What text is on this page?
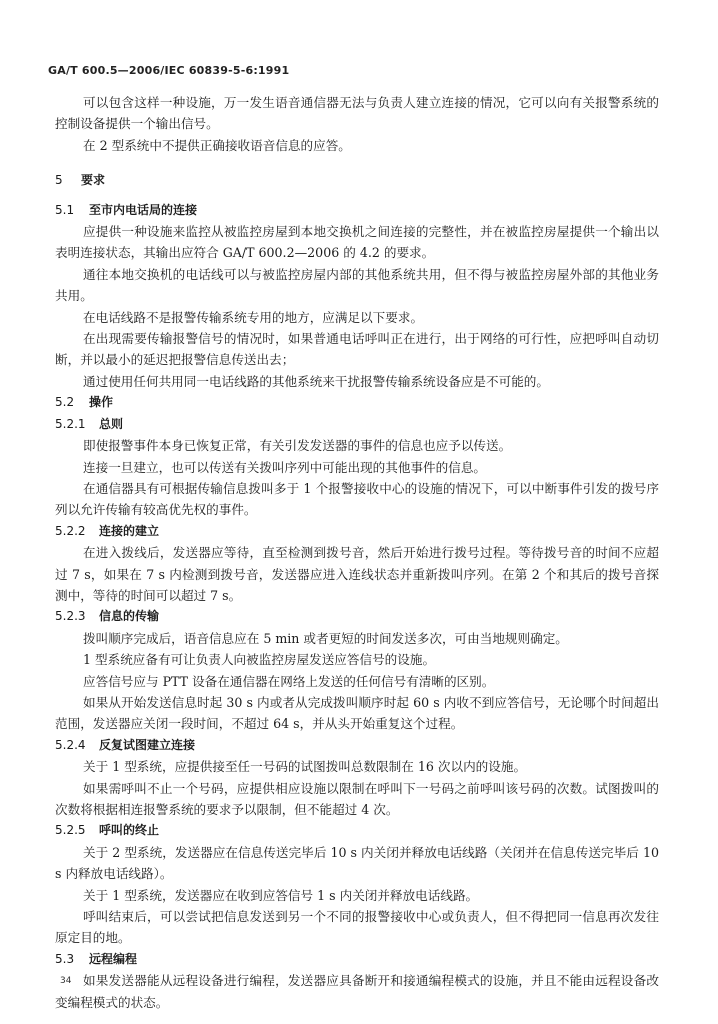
GA/T 600.5—2006/IEC 60839-5-6:1991

可以包含这样一种设施，万一发生语音通信器无法与负责人建立连接的情况，它可以向有关报警系统的控制设备提供一个输出信号。

在 2 型系统中不提供正确接收语音信息的应答。

5 要求
5.1 至市内电话局的连接

应提供一种设施来监控从被监控房屋到本地交换机之间连接的完整性，并在被监控房屋提供一个输出以表明连接状态，其输出应符合 GA/T 600.2—2006 的 4.2 的要求。

通往本地交换机的电话线可以与被监控房屋内部的其他系统共用，但不得与被监控房屋外部的其他业务共用。

在电话线路不是报警传输系统专用的地方，应满足以下要求。

在出现需要传输报警信号的情况时，如果普通电话呼叫正在进行，出于网络的可行性，应把呼叫自动切断，并以最小的延迟把报警信息传送出去；

通过使用任何共用同一电话线路的其他系统来干扰报警传输系统设备应是不可能的。

5.2 操作
5.2.1 总则

即使报警事件本身已恢复正常，有关引发发送器的事件的信息也应予以传送。

连接一旦建立，也可以传送有关拨叫序列中可能出现的其他事件的信息。

在通信器具有可根据传输信息拨叫多于 1 个报警接收中心的设施的情况下，可以中断事件引发的拨号序列以允许传输有较高优先权的事件。

5.2.2 连接的建立

在进入拨线后，发送器应等待，直至检测到拨号音，然后开始进行拨号过程。等待拨号音的时间不应超过 7 s，如果在 7 s 内检测到拨号音，发送器应进入连线状态并重新拨叫序列。在第 2 个和其后的拨号音探测中，等待的时间可以超过 7 s。

5.2.3 信息的传输

拨叫顺序完成后，语音信息应在 5 min 或者更短的时间发送多次，可由当地规则确定。

1 型系统应备有可让负责人向被监控房屋发送应答信号的设施。

应答信号应与 PTT 设备在通信器在网络上发送的任何信号有清晰的区别。

如果从开始发送信息时起 30 s 内或者从完成拨叫顺序时起 60 s 内收不到应答信号，无论哪个时间超出范围，发送器应关闭一段时间，不超过 64 s，并从头开始重复这个过程。

5.2.4 反复试图建立连接

关于 1 型系统，应提供接至任一号码的试图拨叫总数限制在 16 次以内的设施。

如果需呼叫不止一个号码，应提供相应设施以限制在呼叫下一号码之前呼叫该号码的次数。试图拨叫的次数将根据相连报警系统的要求予以限制，但不能超过 4 次。

5.2.5 呼叫的终止

关于 2 型系统，发送器应在信息传送完毕后 10 s 内关闭并释放电话线路（关闭并在信息传送完毕后 10 s 内释放电话线路）。

关于 1 型系统，发送器应在收到应答信号 1 s 内关闭并释放电话线路。

呼叫结束后，可以尝试把信息发送到另一个不同的报警接收中心或负责人，但不得把同一信息再次发往原定目的地。

5.3 远程编程

如果发送器能从远程设备进行编程，发送器应具备断开和接通编程模式的设施，并且不能由远程设备改变编程模式的状态。

34
